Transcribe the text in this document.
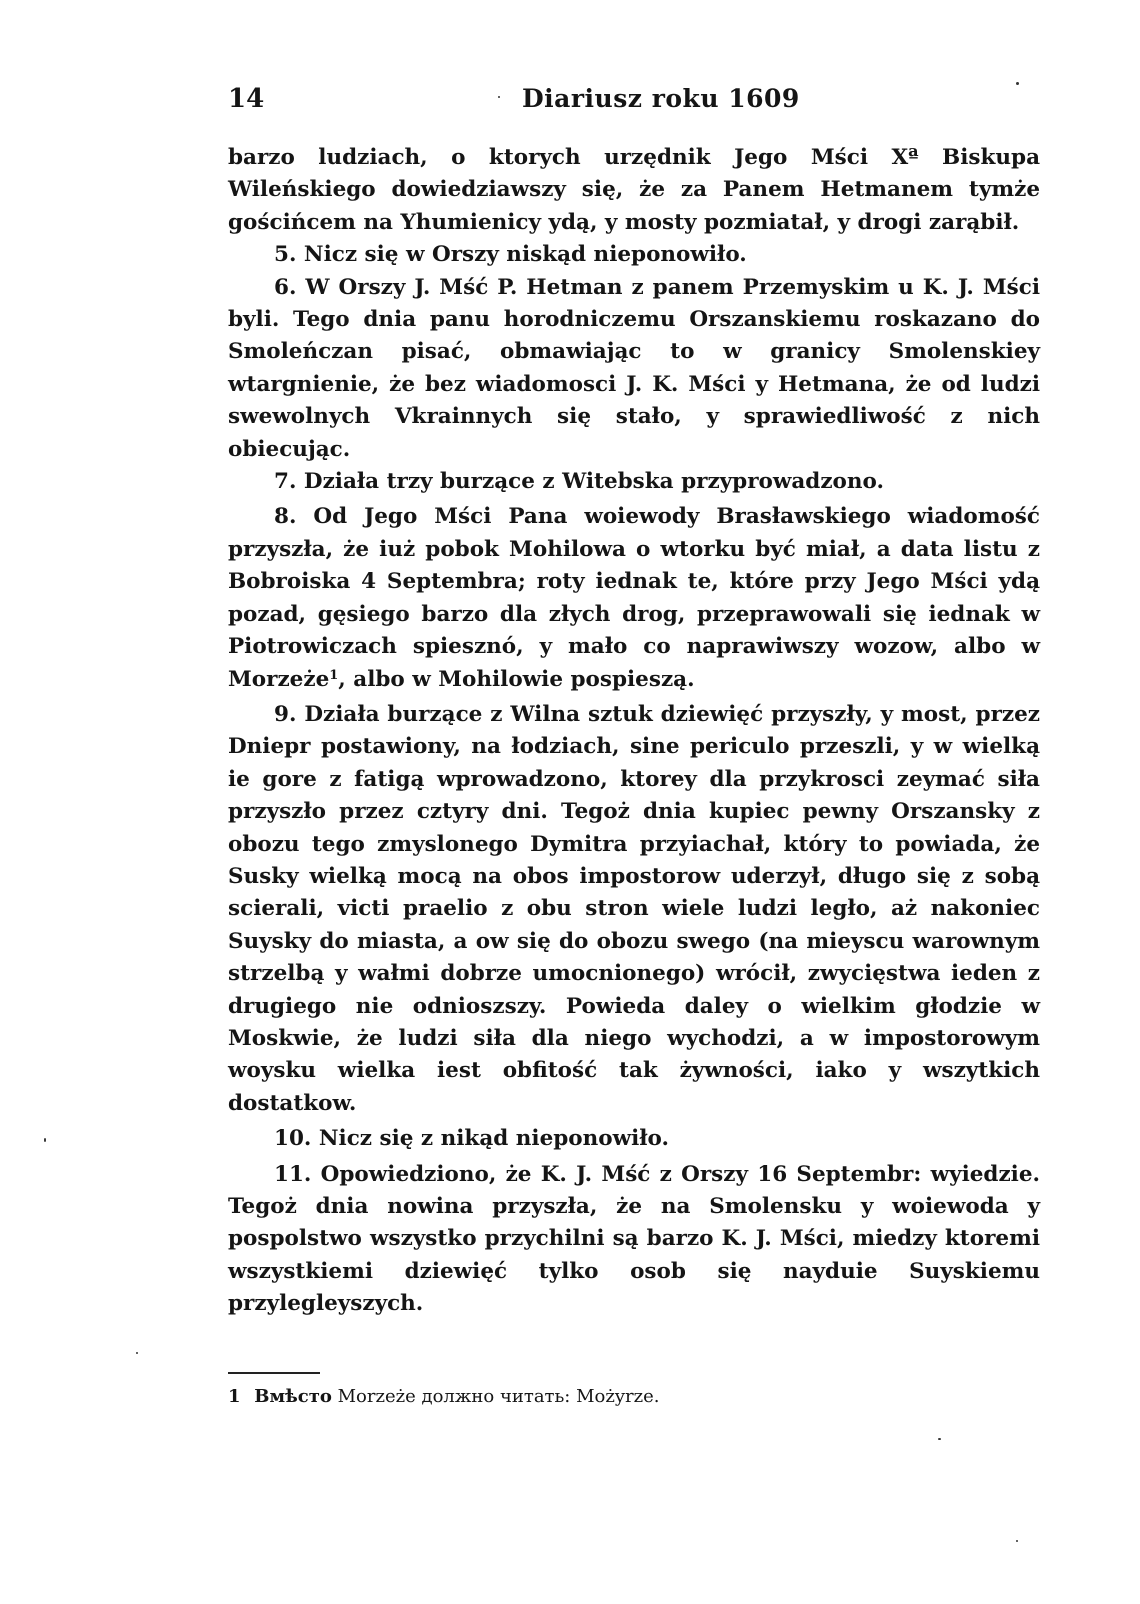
14	Diariusz roku 1609

barzo ludziach, o ktorych urzędnik Jego Mści Xª Biskupa Wileńskiego dowiedziawszy się, że za Panem Hetmanem tymże gościńcem na Yhumienicy ydą, y mosty pozmiatał, y drogi zarąbił.

5. Nicz się w Orszy niskąd nieponowiło.

6. W Orszy J. Mść P. Hetman z panem Przemyskim u K. J. Mści byli. Tego dnia panu horodniczemu Orszanskiemu roskazano do Smoleńczan pisać, obmawiając to w granicy Smolenskiey wtargnienie, że bez wiadomosci J. K. Mści y Hetmana, że od ludzi swewolnych Vkrainnych się stało, y sprawiedliwość z nich obiecując.

7. Działa trzy burzące z Witebska przyprowadzono.

8. Od Jego Mści Pana woiewody Brasławskiego wiadomość przyszła, że iuż pobok Mohilowa o wtorku być miał, a data listu z Bobroiska 4 Septembra; roty iednak te, które przy Jego Mści ydą pozad, gęsiego barzo dla złych drog, przeprawowali się iednak w Piotrowiczach spiesznó, y mało co naprawiwszy wozow, albo w Morzeże$^1$, albo w Mohilowie pospieszą.

9. Działa burzące z Wilna sztuk dziewięć przyszły, y most, przez Dniepr postawiony, na łodziach, sine periculo przeszli, y w wielką ie gore z fatigą wprowadzono, ktorey dla przykrosci zeymać siła przyszło przez cztyry dni. Tegoż dnia kupiec pewny Orszansky z obozu tego zmyslonego Dymitra przyiachał, który to powiada, że Susky wielką mocą na obos impostorow uderzył, długo się z sobą scierali, victi praelio z obu stron wiele ludzi legło, aż nakoniec Suysky do miasta, a ow się do obozu swego (na mieyscu warownym strzelbą y wałmi dobrze umocnionego) wrócił, zwycięstwa ieden z drugiego nie odnioszszy. Powieda daley o wielkim głodzie w Moskwie, że ludzi siła dla niego wychodzi, a w impostorowym woysku wielka iest obfitość tak żywności, iako y wszytkich dostatkow.

10. Nicz się z nikąd nieponowiło.

11. Opowiedziono, że K. J. Mść z Orszy 16 Septembr: wyiedzie. Tegoż dnia nowina przyszła, że na Smolensku y woiewoda y pospolstwo wszystko przychilni są barzo K. J. Mści, miedzy ktoremi wszystkiemi dziewięć tylko osob się nayduie Suyskiemu przylegleyszych.

1 Вмѣсто Morzeże должно читать: Możyrze.
